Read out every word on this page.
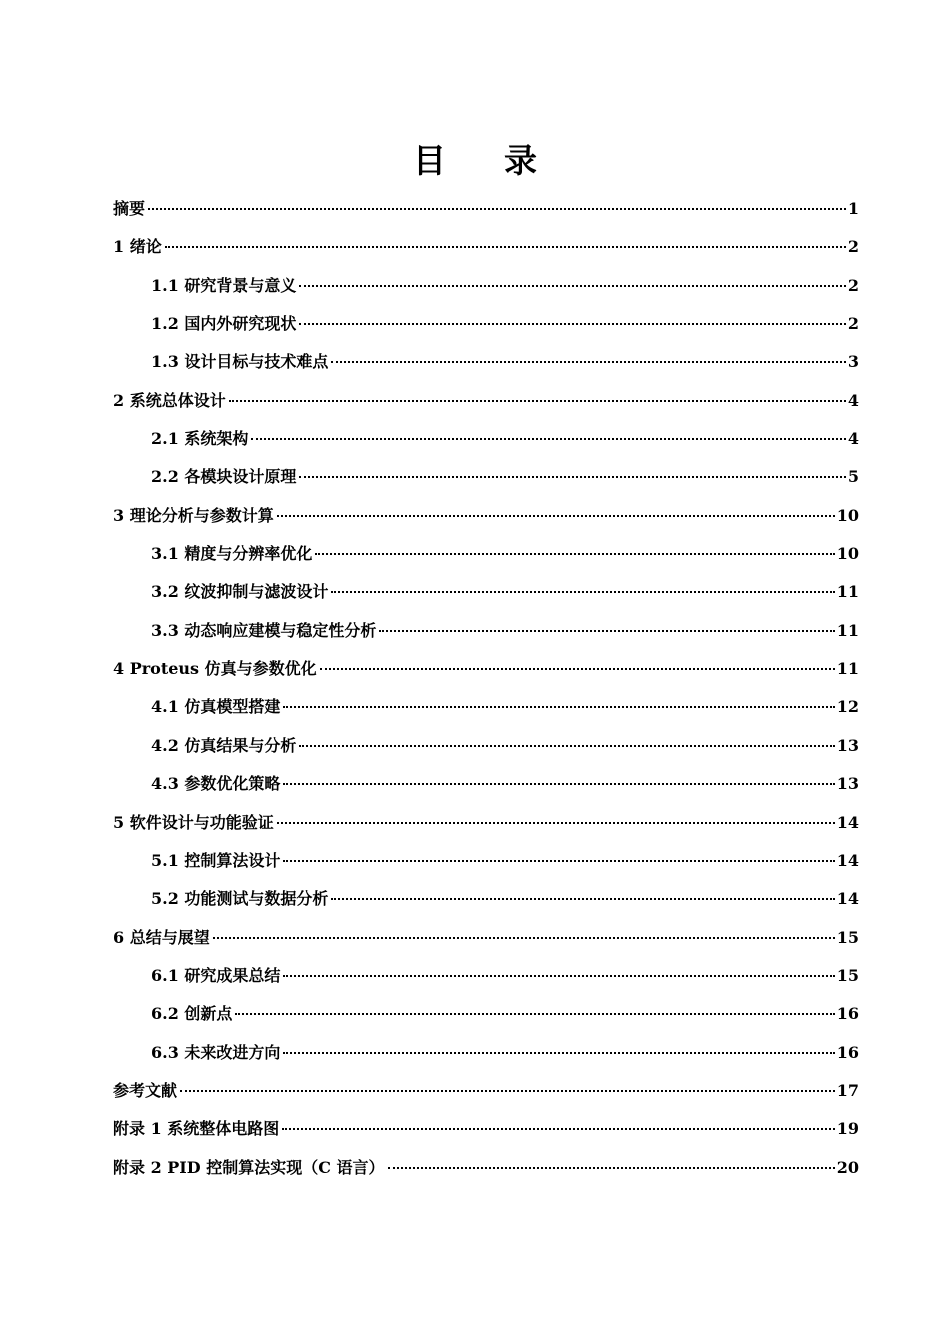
目录
摘要	1
1 绪论	2
1.1 研究背景与意义	2
1.2 国内外研究现状	2
1.3 设计目标与技术难点	3
2 系统总体设计	4
2.1 系统架构	4
2.2 各模块设计原理	5
3 理论分析与参数计算	10
3.1 精度与分辨率优化	10
3.2 纹波抑制与滤波设计	11
3.3 动态响应建模与稳定性分析	11
4 Proteus 仿真与参数优化	11
4.1 仿真模型搭建	12
4.2 仿真结果与分析	13
4.3 参数优化策略	13
5 软件设计与功能验证	14
5.1 控制算法设计	14
5.2 功能测试与数据分析	14
6 总结与展望	15
6.1 研究成果总结	15
6.2 创新点	16
6.3 未来改进方向	16
参考文献	17
附录 1 系统整体电路图	19
附录 2 PID 控制算法实现（C 语言）	20
